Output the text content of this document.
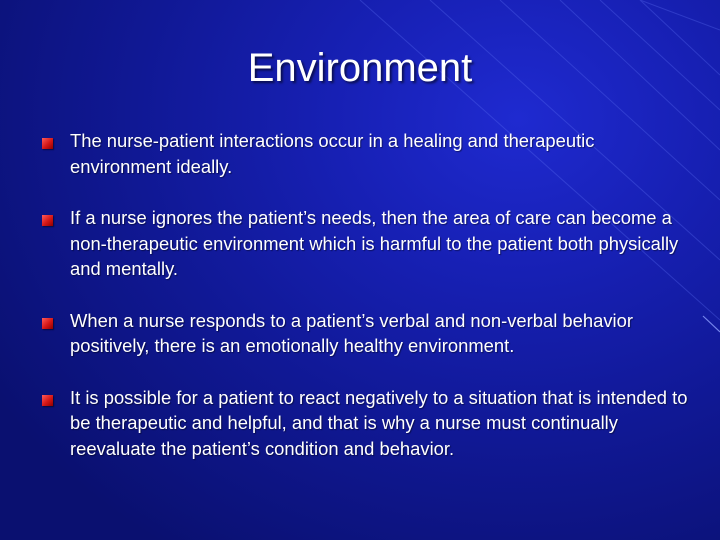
Environment
The nurse-patient interactions occur in a healing and therapeutic environment ideally.
If a nurse ignores the patient’s needs, then the area of care can become a non-therapeutic environment which is harmful to the patient both physically and mentally.
When a nurse responds to a patient’s verbal and non-verbal behavior positively, there is an emotionally healthy environment.
It is possible for a patient to react negatively to a situation that is intended to be therapeutic and helpful, and that is why a nurse must continually reevaluate the patient’s condition and behavior.
